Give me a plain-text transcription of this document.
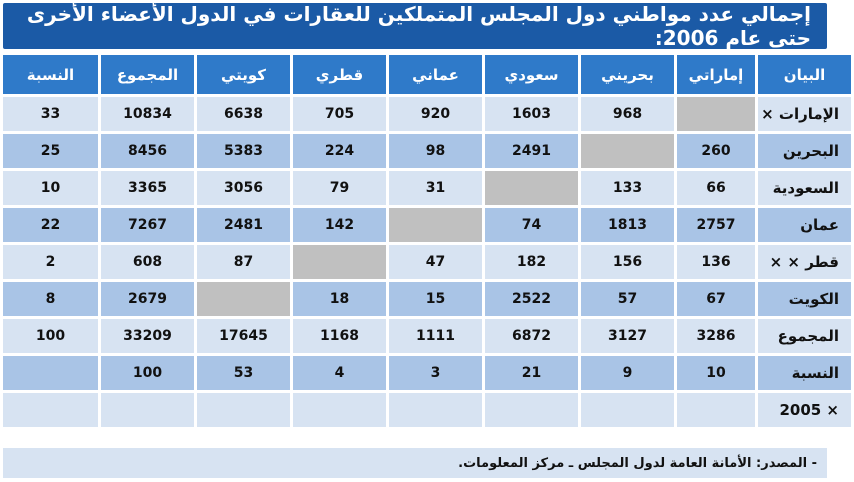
إجمالي عدد مواطني دول المجلس المتملكين للعقارات في الدول الأعضاء الأخرى حتى عام 2006:
البيان	إماراتي	بحريني	سعودي	عماني	قطري	كويتي	المجموع	النسبة
الإمارات ×		968	1603	920	705	6638	10834	33
البحرين	260		2491	98	224	5383	8456	25
السعودية	66	133		31	79	3056	3365	10
عمان	2757	1813	74		142	2481	7267	22
قطر × ×	136	156	182	47		87	608	2
الكويت	67	57	2522	15	18		2679	8
المجموع	3286	3127	6872	1111	1168	17645	33209	100
النسبة	10	9	21	3	4	53	100	
× 2005								
- المصدر: الأمانة العامة لدول المجلس ـ مركز المعلومات.
